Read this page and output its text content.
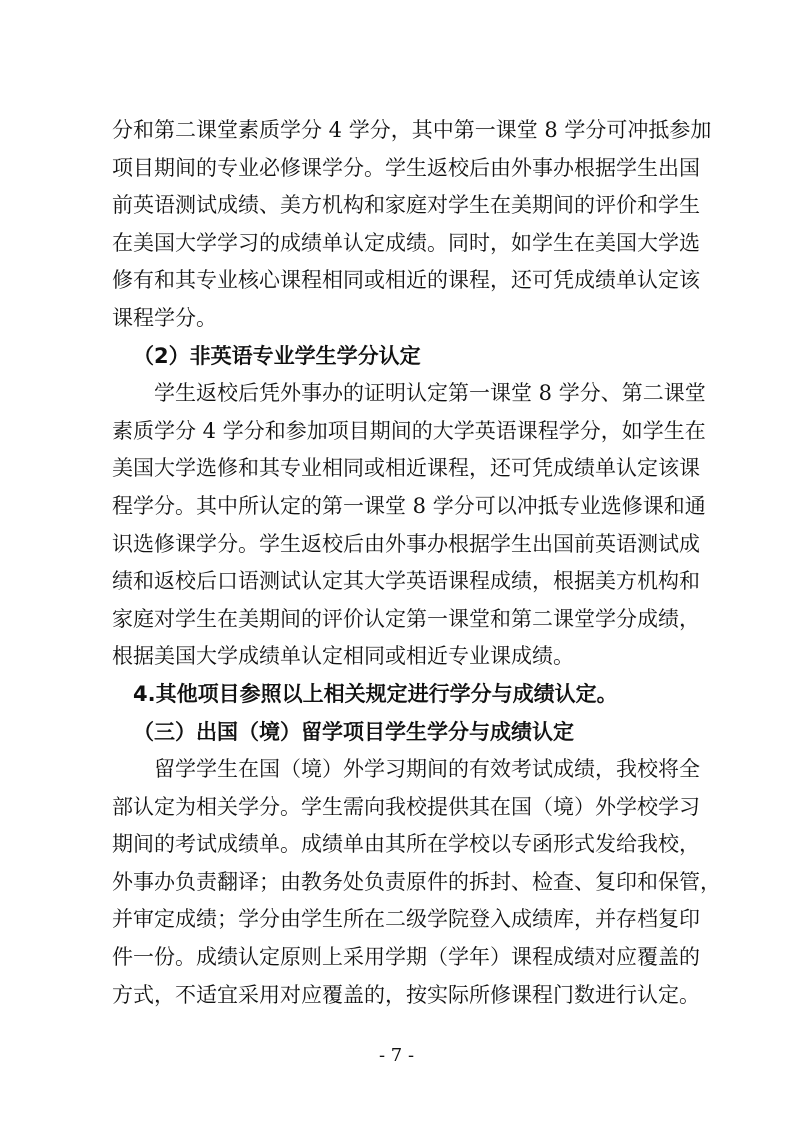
分和第二课堂素质学分 4 学分，其中第一课堂 8 学分可冲抵参加
项目期间的专业必修课学分。学生返校后由外事办根据学生出国
前英语测试成绩、美方机构和家庭对学生在美期间的评价和学生
在美国大学学习的成绩单认定成绩。同时，如学生在美国大学选
修有和其专业核心课程相同或相近的课程，还可凭成绩单认定该
课程学分。
（2）非英语专业学生学分认定
学生返校后凭外事办的证明认定第一课堂 8 学分、第二课堂
素质学分 4 学分和参加项目期间的大学英语课程学分，如学生在
美国大学选修和其专业相同或相近课程，还可凭成绩单认定该课
程学分。其中所认定的第一课堂 8 学分可以冲抵专业选修课和通
识选修课学分。学生返校后由外事办根据学生出国前英语测试成
绩和返校后口语测试认定其大学英语课程成绩，根据美方机构和
家庭对学生在美期间的评价认定第一课堂和第二课堂学分成绩，
根据美国大学成绩单认定相同或相近专业课成绩。
4.其他项目参照以上相关规定进行学分与成绩认定。
（三）出国（境）留学项目学生学分与成绩认定
留学学生在国（境）外学习期间的有效考试成绩，我校将全
部认定为相关学分。学生需向我校提供其在国（境）外学校学习
期间的考试成绩单。成绩单由其所在学校以专函形式发给我校，
外事办负责翻译；由教务处负责原件的拆封、检查、复印和保管，
并审定成绩；学分由学生所在二级学院登入成绩库，并存档复印
件一份。成绩认定原则上采用学期（学年）课程成绩对应覆盖的
方式，不适宜采用对应覆盖的，按实际所修课程门数进行认定。
- 7 -
